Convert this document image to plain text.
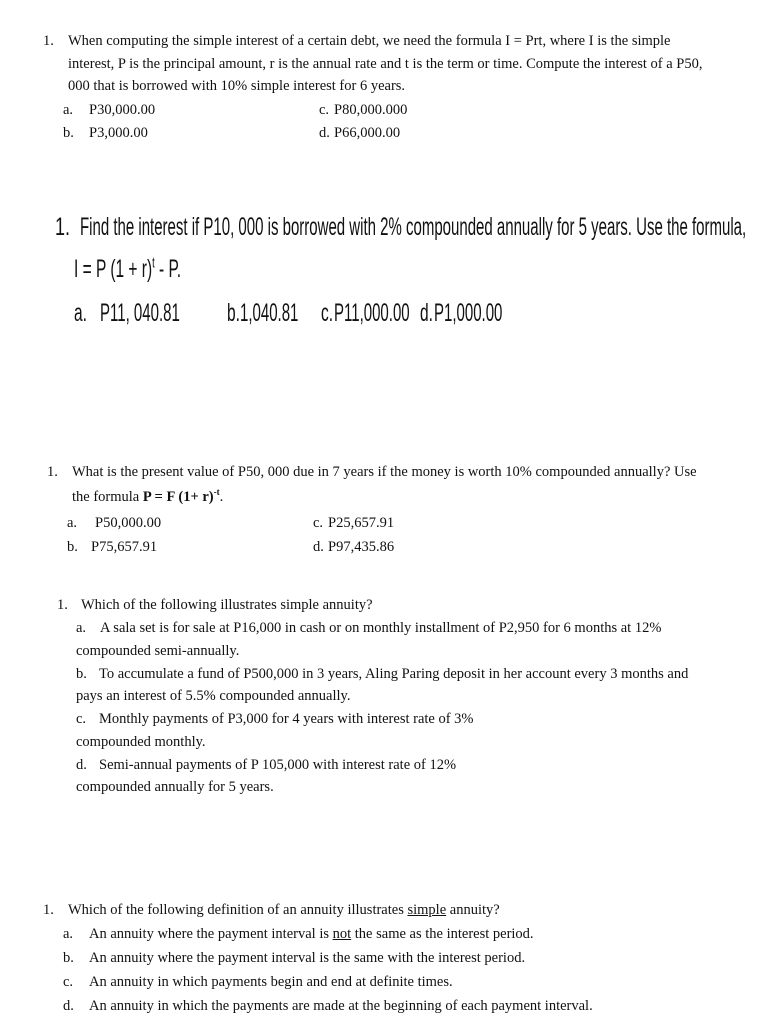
1. When computing the simple interest of a certain debt, we need the formula I = Prt, where I is the simple
interest, P is the principal amount, r is the annual rate and t is the term or time. Compute the interest of a P50,
000 that is borrowed with 10% simple interest for 6 years.
a. P30,000.00
b. P3,000.00
c. P80,000.000
d. P66,000.00
1. Find the interest if P10, 000 is borrowed with 2% compounded annually for 5 years. Use the formula,
I = P $(1 + r)^t - P$.
a. P11, 040.81 b. 1,040.81 c. P11,000.00 d. P1,000.00
1. What is the present value of P50, 000 due in 7 years if the money is worth 10% compounded annually? Use
the formula P = F $(1+ r)^{-t}$.
a. P50,000.00
b. P75,657.91
c. P25,657.91
d. P97,435.86
1. Which of the following illustrates simple annuity?
a. A sala set is for sale at P16,000 in cash or on monthly installment of P2,950 for 6 months at 12%
compounded semi-annually.
b. To accumulate a fund of P500,000 in 3 years, Aling Paring deposit in her account every 3 months and
pays an interest of 5.5% compounded annually.
c. Monthly payments of P3,000 for 4 years with interest rate of 3%
compounded monthly.
d. Semi-annual payments of P 105,000 with interest rate of 12%
compounded annually for 5 years.
1. Which of the following definition of an annuity illustrates simple annuity?
a. An annuity where the payment interval is not the same as the interest period.
b. An annuity where the payment interval is the same with the interest period.
c. An annuity in which payments begin and end at definite times.
d. An annuity in which the payments are made at the beginning of each payment interval.
